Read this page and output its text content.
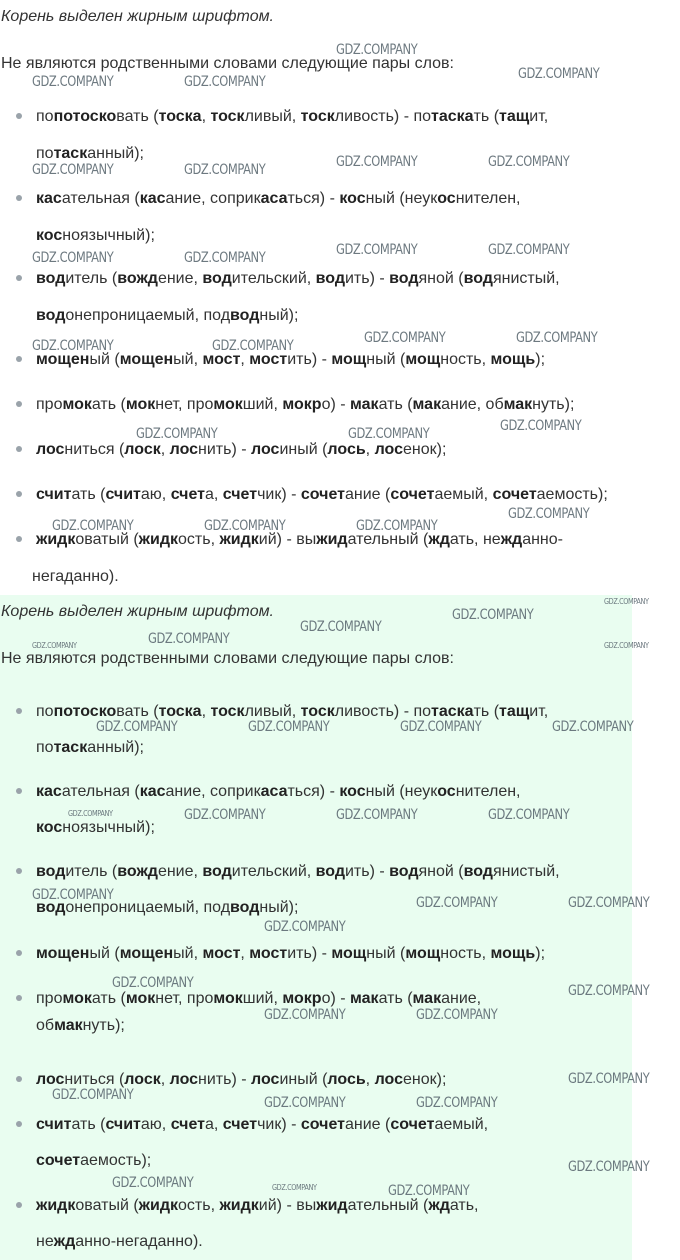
Корень выделен жирным шрифтом.

Не являются родственными словами следующие пары слов:

попотосковать (тоска, тоскливый, тоскливость) - потаскать (тащит,
потасканный);
касательная (касание, соприкасаться) - косный (неукоснителен,
косноязычный);
водитель (вождение, водительский, водить) - водяной (водянистый,
водонепроницаемый, подводный);
мощеный (мощеный, мост, мостить) - мощный (мощность, мощь);
промокать (мокнет, промокший, мокро) - макать (макание, обмакнуть);
лосниться (лоск, лоснить) - лосиный (лось, лосенок);
считать (считаю, счета, счетчик) - сочетание (сочетаемый, сочетаемость);
жидковатый (жидкость, жидкий) - выжидательный (ждать, нежданно-
негаданно).
GDZ.COMPANY
GDZ.COMPANY
GDZ.COMPANY	GDZ.COMPANY
GDZ.COMPANY	GDZ.COMPANY	GDZ.COMPANY	GDZ.COMPANY
GDZ.COMPANY	GDZ.COMPANY	GDZ.COMPANY	GDZ.COMPANY
GDZ.COMPANY	GDZ.COMPANY	GDZ.COMPANY	GDZ.COMPANY
GDZ.COMPANY	GDZ.COMPANY	GDZ.COMPANY
GDZ.COMPANY
GDZ.COMPANY	GDZ.COMPANY	GDZ.COMPANY

Корень выделен жирным шрифтом.

Не являются родственными словами следующие пары слов:

попотосковать (тоска, тоскливый, тоскливость) - потаскать (тащит,
потасканный);
касательная (касание, соприкасаться) - косный (неукоснителен,
косноязычный);
водитель (вождение, водительский, водить) - водяной (водянистый,
водонепроницаемый, подводный);
мощеный (мощеный, мост, мостить) - мощный (мощность, мощь);
промокать (мокнет, промокший, мокро) - макать (макание,
обмакнуть);
лосниться (лоск, лоснить) - лосиный (лось, лосенок);
считать (считаю, счета, счетчик) - сочетание (сочетаемый,
сочетаемость);
жидковатый (жидкость, жидкий) - выжидательный (ждать,
нежданно-негаданно).
GDZ.COMPANY
GDZ.COMPANY
GDZ.COMPANY
GDZ.COMPANY	GDZ.COMPANY	GDZ.COMPANY
GDZ.COMPANY	GDZ.COMPANY	GDZ.COMPANY	GDZ.COMPANY
GDZ.COMPANY	GDZ.COMPANY	GDZ.COMPANY	GDZ.COMPANY
GDZ.COMPANY	GDZ.COMPANY	GDZ.COMPANY
GDZ.COMPANY
GDZ.COMPANY	GDZ.COMPANY
GDZ.COMPANY	GDZ.COMPANY
GDZ.COMPANY
GDZ.COMPANY	GDZ.COMPANY	GDZ.COMPANY
GDZ.COMPANY
GDZ.COMPANY	GDZ.COMPANY	GDZ.COMPANY
